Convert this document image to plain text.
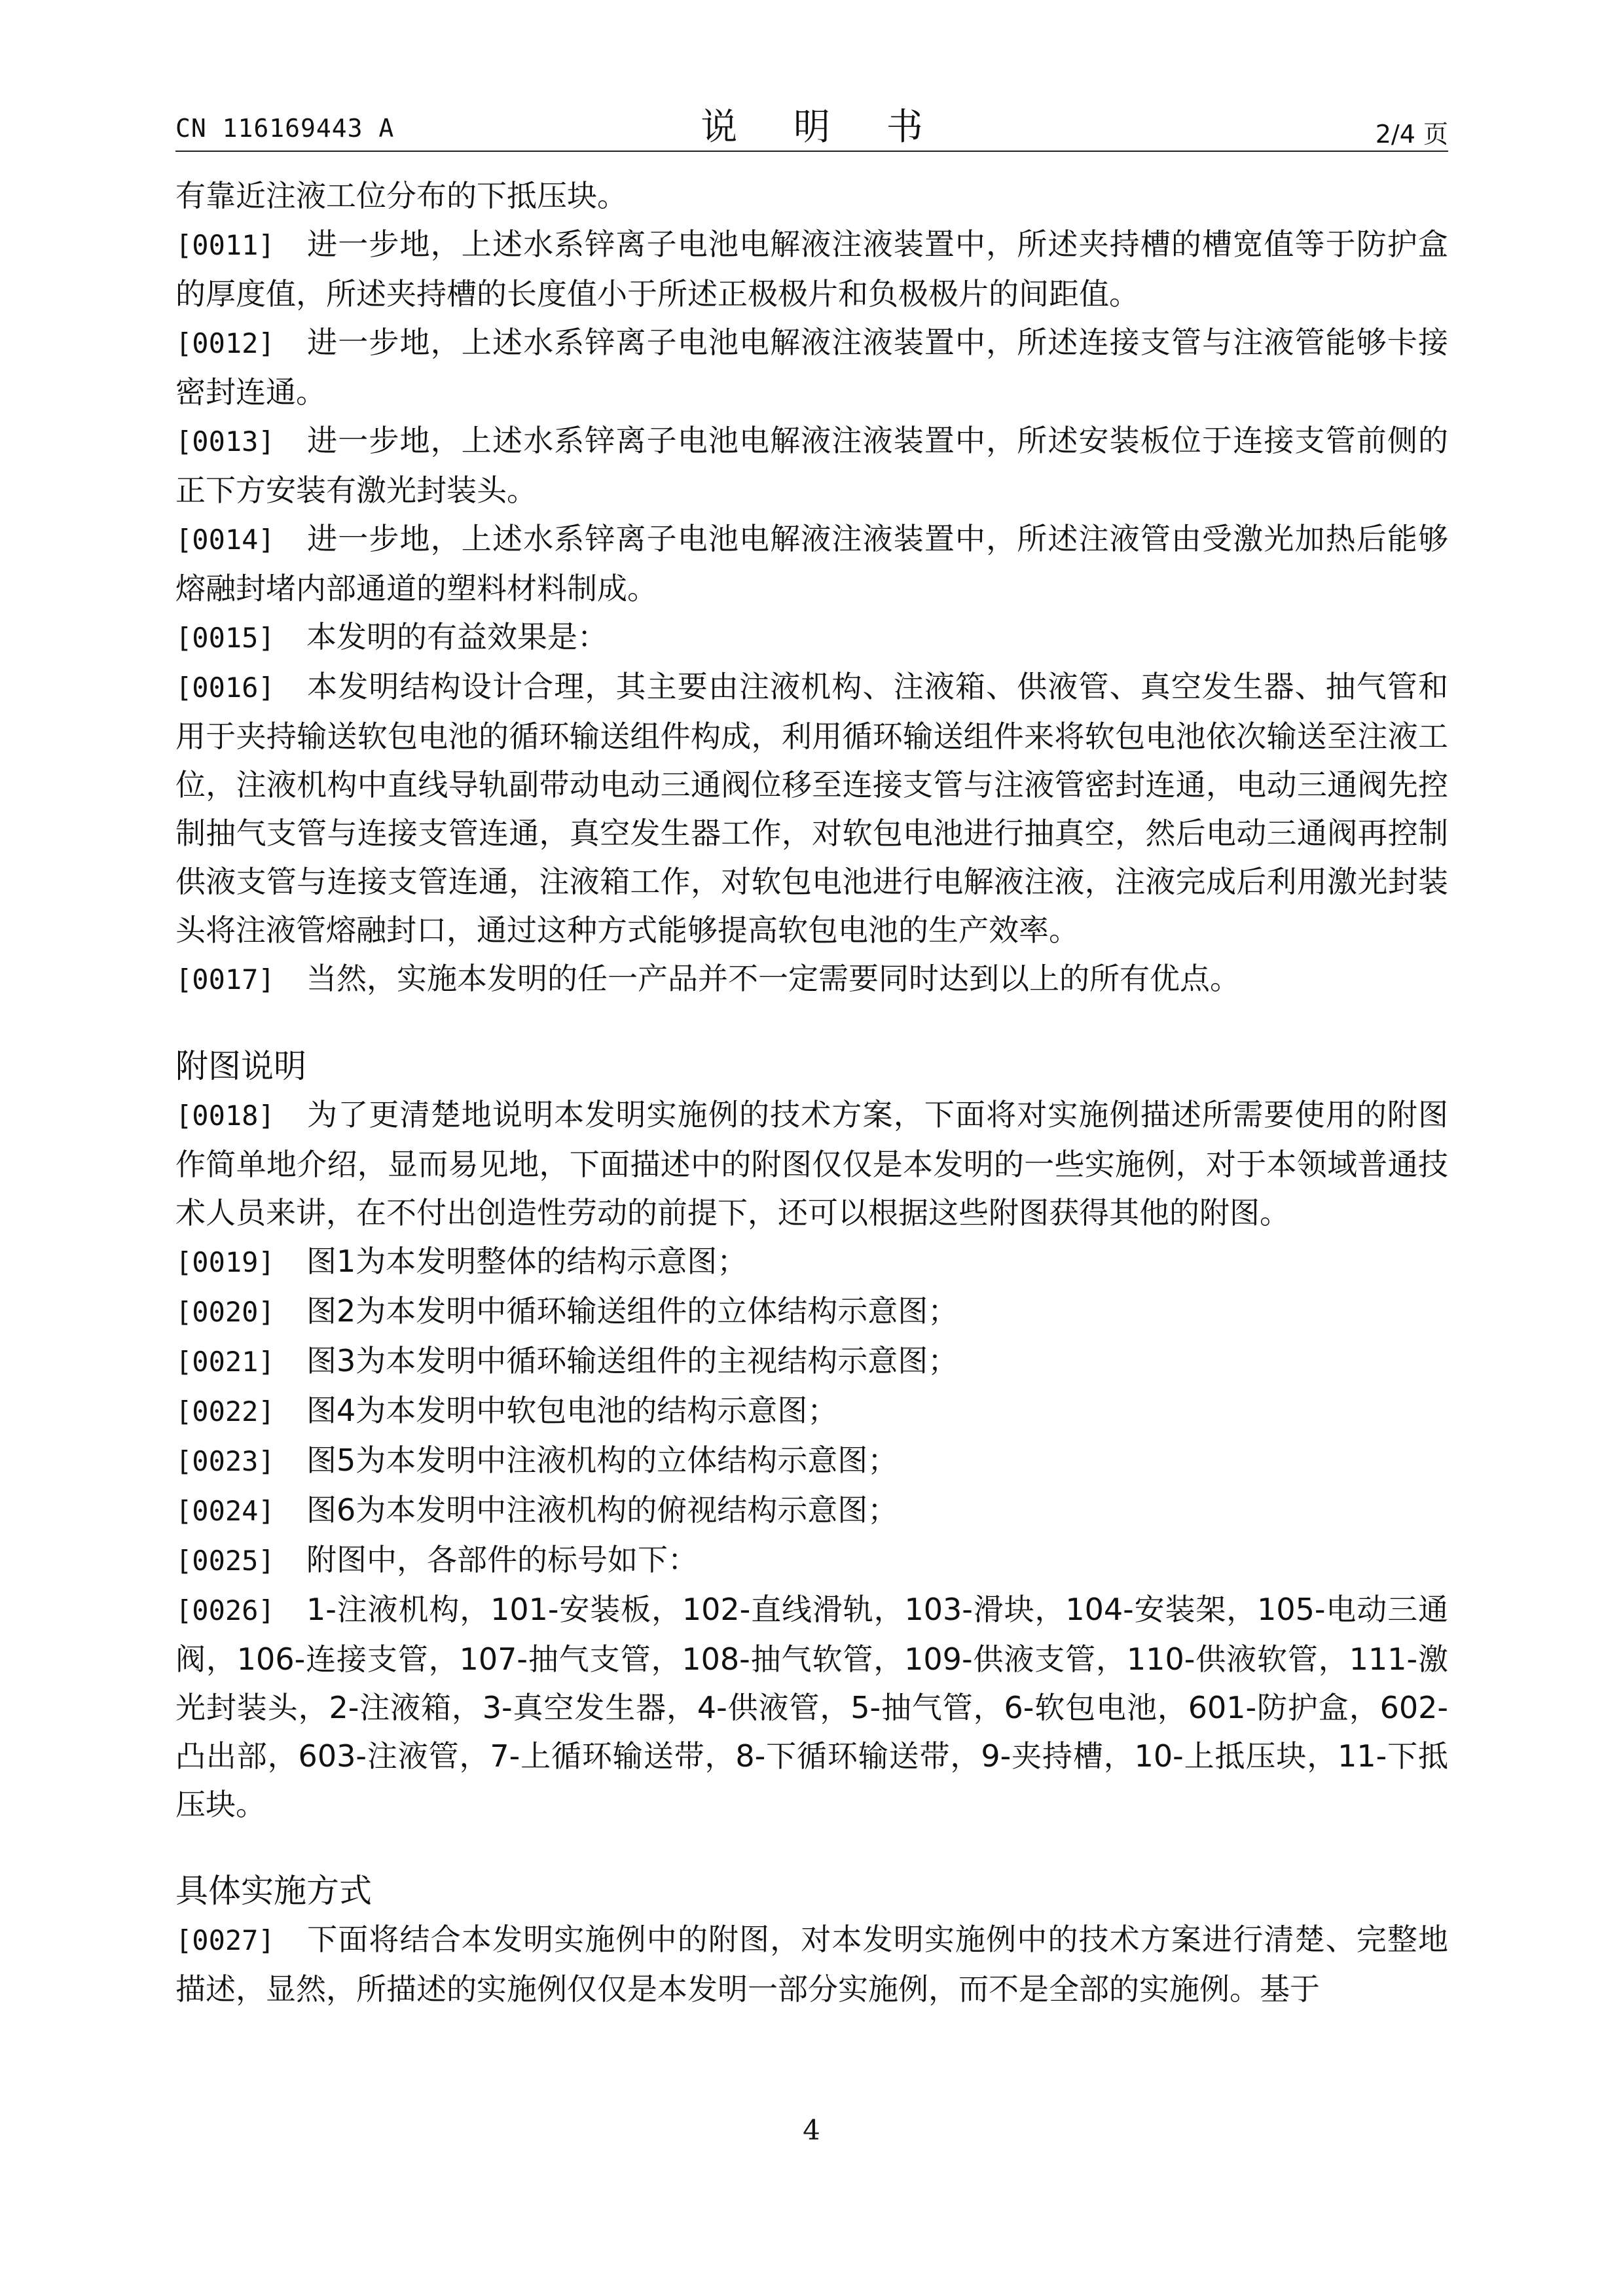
CN 116169443 A	说 明 书	2/4 页

有靠近注液工位分布的下抵压块。

[0011] 进一步地，上述水系锌离子电池电解液注液装置中，所述夹持槽的槽宽值等于防护盒的厚度值，所述夹持槽的长度值小于所述正极极片和负极极片的间距值。

[0012] 进一步地，上述水系锌离子电池电解液注液装置中，所述连接支管与注液管能够卡接密封连通。

[0013] 进一步地，上述水系锌离子电池电解液注液装置中，所述安装板位于连接支管前侧的正下方安装有激光封装头。

[0014] 进一步地，上述水系锌离子电池电解液注液装置中，所述注液管由受激光加热后能够熔融封堵内部通道的塑料材料制成。

[0015] 本发明的有益效果是：

[0016] 本发明结构设计合理，其主要由注液机构、注液箱、供液管、真空发生器、抽气管和用于夹持输送软包电池的循环输送组件构成，利用循环输送组件来将软包电池依次输送至注液工位，注液机构中直线导轨副带动电动三通阀位移至连接支管与注液管密封连通，电动三通阀先控制抽气支管与连接支管连通，真空发生器工作，对软包电池进行抽真空，然后电动三通阀再控制供液支管与连接支管连通，注液箱工作，对软包电池进行电解液注液，注液完成后利用激光封装头将注液管熔融封口，通过这种方式能够提高软包电池的生产效率。

[0017] 当然，实施本发明的任一产品并不一定需要同时达到以上的所有优点。

附图说明

[0018] 为了更清楚地说明本发明实施例的技术方案，下面将对实施例描述所需要使用的附图作简单地介绍，显而易见地，下面描述中的附图仅仅是本发明的一些实施例，对于本领域普通技术人员来讲，在不付出创造性劳动的前提下，还可以根据这些附图获得其他的附图。

[0019] 图1为本发明整体的结构示意图；

[0020] 图2为本发明中循环输送组件的立体结构示意图；

[0021] 图3为本发明中循环输送组件的主视结构示意图；

[0022] 图4为本发明中软包电池的结构示意图；

[0023] 图5为本发明中注液机构的立体结构示意图；

[0024] 图6为本发明中注液机构的俯视结构示意图；

[0025] 附图中，各部件的标号如下：

[0026] 1-注液机构，101-安装板，102-直线滑轨，103-滑块，104-安装架，105-电动三通阀，106-连接支管，107-抽气支管，108-抽气软管，109-供液支管，110-供液软管，111-激光封装头，2-注液箱，3-真空发生器，4-供液管，5-抽气管，6-软包电池，601-防护盒，602-凸出部，603-注液管，7-上循环输送带，8-下循环输送带，9-夹持槽，10-上抵压块，11-下抵压块。

具体实施方式

[0027] 下面将结合本发明实施例中的附图，对本发明实施例中的技术方案进行清楚、完整地描述，显然，所描述的实施例仅仅是本发明一部分实施例，而不是全部的实施例。基于

4
